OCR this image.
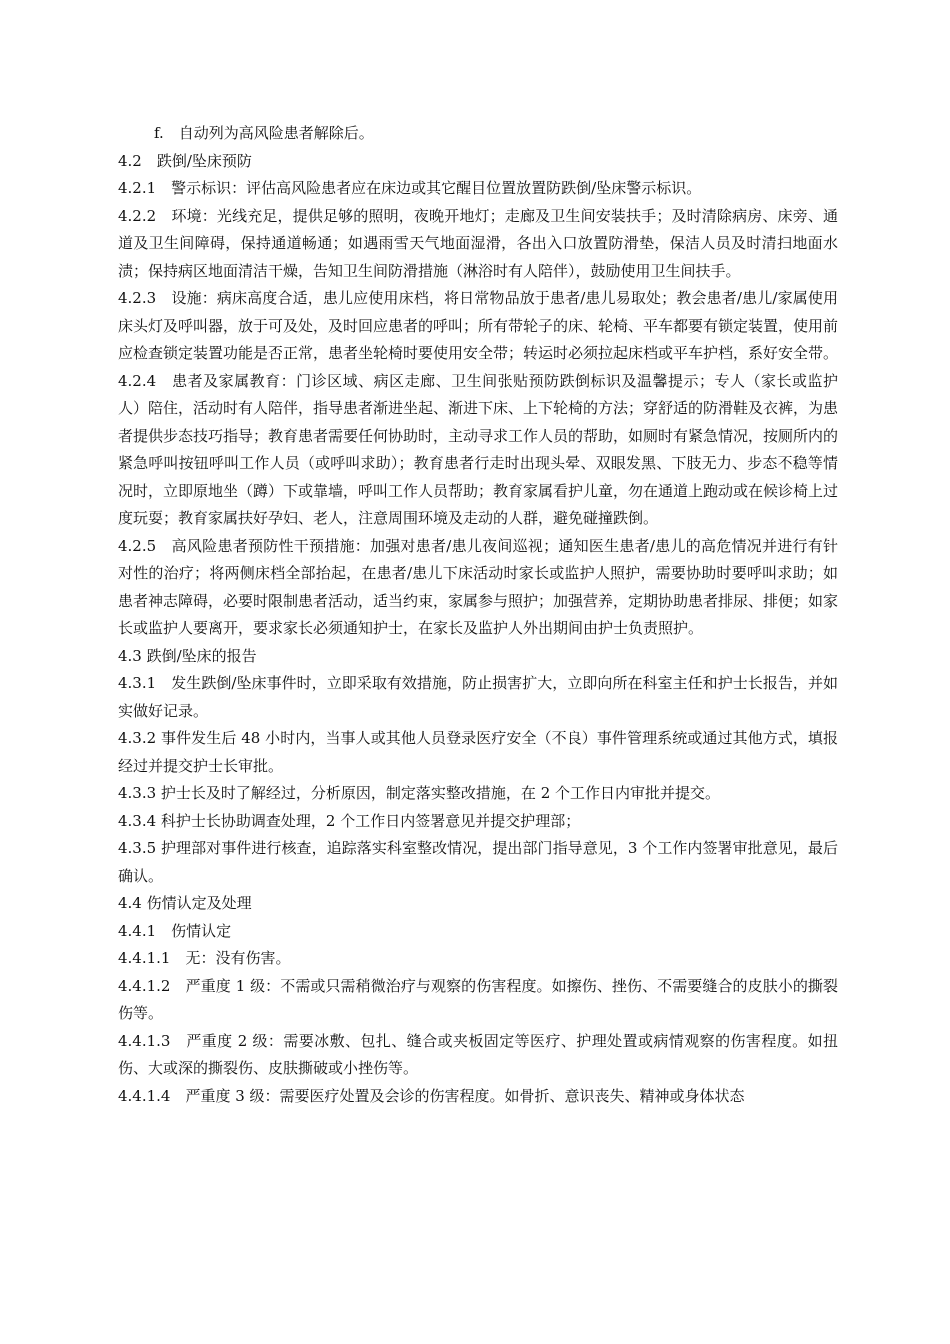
f.　自动列为高风险患者解除后。

4.2　跌倒/坠床预防

4.2.1　警示标识：评估高风险患者应在床边或其它醒目位置放置防跌倒/坠床警示标识。

4.2.2　环境：光线充足，提供足够的照明，夜晚开地灯；走廊及卫生间安装扶手；及时清除病房、床旁、通道及卫生间障碍，保持通道畅通；如遇雨雪天气地面湿滑，各出入口放置防滑垫，保洁人员及时清扫地面水渍；保持病区地面清洁干燥，告知卫生间防滑措施（淋浴时有人陪伴），鼓励使用卫生间扶手。

4.2.3　设施：病床高度合适，患儿应使用床档，将日常物品放于患者/患儿易取处；教会患者/患儿/家属使用床头灯及呼叫器，放于可及处，及时回应患者的呼叫；所有带轮子的床、轮椅、平车都要有锁定装置，使用前应检查锁定装置功能是否正常，患者坐轮椅时要使用安全带；转运时必须拉起床档或平车护档，系好安全带。

4.2.4　患者及家属教育：门诊区域、病区走廊、卫生间张贴预防跌倒标识及温馨提示；专人（家长或监护人）陪住，活动时有人陪伴，指导患者渐进坐起、渐进下床、上下轮椅的方法；穿舒适的防滑鞋及衣裤，为患者提供步态技巧指导；教育患者需要任何协助时，主动寻求工作人员的帮助，如厕时有紧急情况，按厕所内的紧急呼叫按钮呼叫工作人员（或呼叫求助）；教育患者行走时出现头晕、双眼发黑、下肢无力、步态不稳等情况时，立即原地坐（蹲）下或靠墙，呼叫工作人员帮助；教育家属看护儿童，勿在通道上跑动或在候诊椅上过度玩耍；教育家属扶好孕妇、老人，注意周围环境及走动的人群，避免碰撞跌倒。

4.2.5　高风险患者预防性干预措施：加强对患者/患儿夜间巡视；通知医生患者/患儿的高危情况并进行有针对性的治疗；将两侧床档全部抬起，在患者/患儿下床活动时家长或监护人照护，需要协助时要呼叫求助；如患者神志障碍，必要时限制患者活动，适当约束，家属参与照护；加强营养，定期协助患者排尿、排便；如家长或监护人要离开，要求家长必须通知护士，在家长及监护人外出期间由护士负责照护。

4.3 跌倒/坠床的报告

4.3.1　发生跌倒/坠床事件时，立即采取有效措施，防止损害扩大，立即向所在科室主任和护士长报告，并如实做好记录。

4.3.2 事件发生后 48 小时内，当事人或其他人员登录医疗安全（不良）事件管理系统或通过其他方式，填报经过并提交护士长审批。

4.3.3 护士长及时了解经过，分析原因，制定落实整改措施，在 2 个工作日内审批并提交。

4.3.4 科护士长协助调查处理，2 个工作日内签署意见并提交护理部；

4.3.5 护理部对事件进行核查，追踪落实科室整改情况，提出部门指导意见，3 个工作内签署审批意见，最后确认。

4.4 伤情认定及处理

4.4.1　伤情认定

4.4.1.1　无：没有伤害。

4.4.1.2　严重度 1 级：不需或只需稍微治疗与观察的伤害程度。如擦伤、挫伤、不需要缝合的皮肤小的撕裂伤等。

4.4.1.3　严重度 2 级：需要冰敷、包扎、缝合或夹板固定等医疗、护理处置或病情观察的伤害程度。如扭伤、大或深的撕裂伤、皮肤撕破或小挫伤等。

4.4.1.4　严重度 3 级：需要医疗处置及会诊的伤害程度。如骨折、意识丧失、精神或身体状态
